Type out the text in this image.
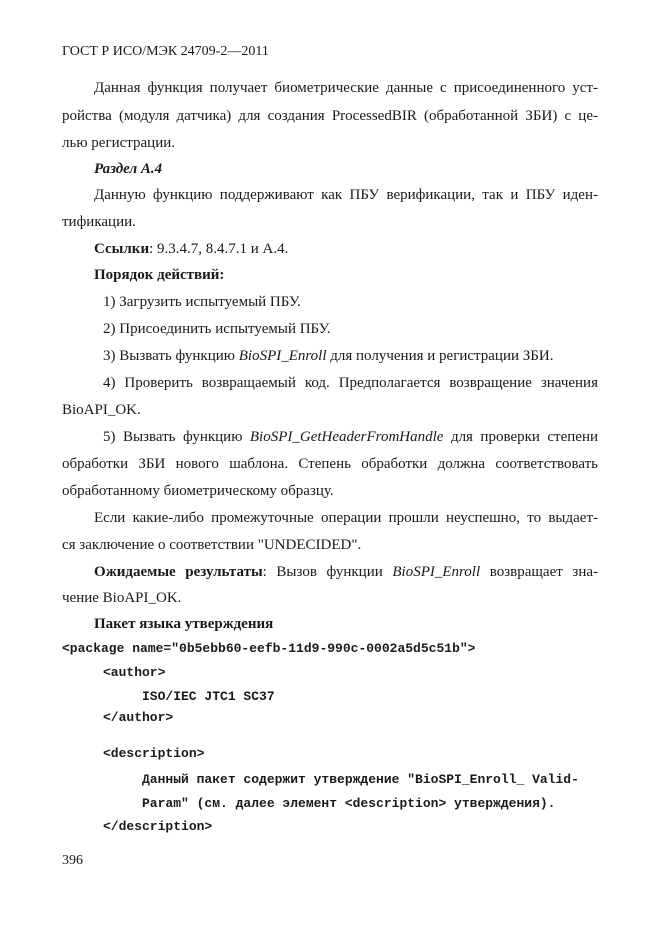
ГОСТ Р ИСО/МЭК 24709-2—2011
Данная функция получает биометрические данные с присоединенного уст-
ройства (модуля датчика) для создания ProcessedBIR (обработанной ЗБИ) с це-
лью регистрации.
Раздел A.4
Данную функцию поддерживают как ПБУ верификации, так и ПБУ иден-
тификации.
Ссылки: 9.3.4.7, 8.4.7.1 и A.4.
Порядок действий:
1) Загрузить испытуемый ПБУ.
2) Присоединить испытуемый ПБУ.
3) Вызвать функцию BioSPI_Enroll для получения и регистрации ЗБИ.
4) Проверить возвращаемый код. Предполагается возвращение значения
BioAPI_OK.
5) Вызвать функцию BioSPI_GetHeaderFromHandle для проверки степени
обработки ЗБИ нового шаблона. Степень обработки должна соответствовать
обработанному биометрическому образцу.
Если какие-либо промежуточные операции прошли неуспешно, то выдает-
ся заключение о соответствии "UNDECIDED".
Ожидаемые результаты: Вызов функции BioSPI_Enroll возвращает зна-
чение BioAPI_OK.
Пакет языка утверждения
<package name="0b5ebb60-eefb-11d9-990c-0002a5d5c51b">
<author>
ISO/IEC JTC1 SC37
</author>
<description>
Данный пакет содержит утверждение "BioSPI_Enroll_ Valid-
Param" (см. далее элемент <description> утверждения).
</description>
396
